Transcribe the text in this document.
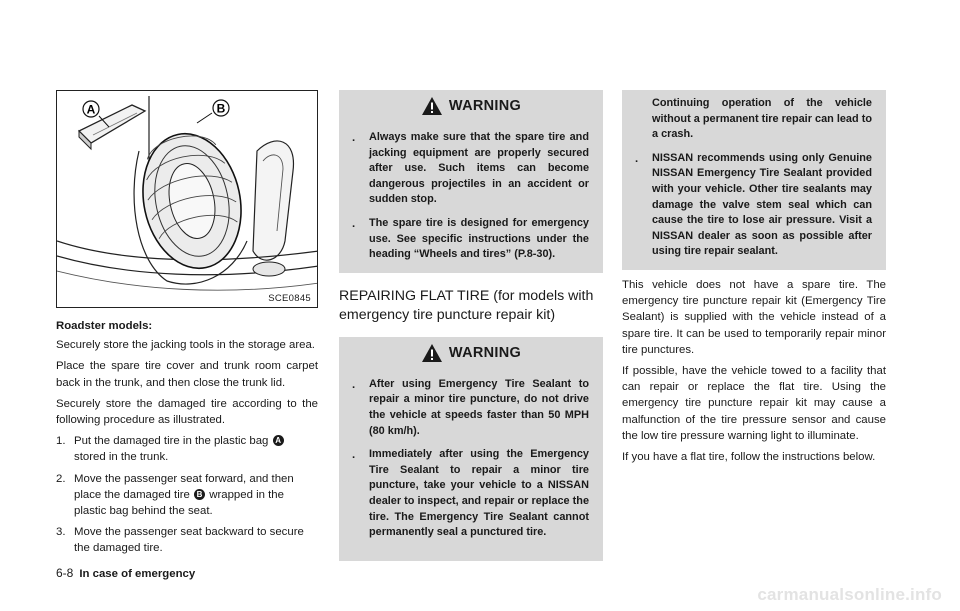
A	B
SCE0845

Roadster models:

Securely store the jacking tools in the storage area.

Place the spare tire cover and trunk room carpet back in the trunk, and then close the trunk lid.

Securely store the damaged tire according to the following procedure as illustrated.

1. Put the damaged tire in the plastic bag A
stored in the trunk.
2. Move the passenger seat forward, and then place the damaged tire B wrapped in the plastic bag behind the seat.
3. Move the passenger seat backward to secure the damaged tire.
WARNING
.	Always make sure that the spare tire and jacking equipment are properly secured after use. Such items can become dangerous projectiles in an accident or sudden stop.
.	The spare tire is designed for emergency use. See specific instructions under the heading “Wheels and tires” (P.8-30).
REPAIRING FLAT TIRE (for models with emergency tire puncture repair kit)
WARNING
.	After using Emergency Tire Sealant to repair a minor tire puncture, do not drive the vehicle at speeds faster than 50 MPH (80 km/h).
.	Immediately after using the Emergency Tire Sealant to repair a minor tire puncture, take your vehicle to a NISSAN dealer to inspect, and repair or replace the tire. The Emergency Tire Sealant cannot permanently seal a punctured tire.
Continuing operation of the vehicle without a permanent tire repair can lead to a crash.
.	NISSAN recommends using only Genuine NISSAN Emergency Tire Sealant provided with your vehicle. Other tire sealants may damage the valve stem seal which can cause the tire to lose air pressure. Visit a NISSAN dealer as soon as possible after using tire repair sealant.

This vehicle does not have a spare tire. The emergency tire puncture repair kit (Emergency Tire Sealant) is supplied with the vehicle instead of a spare tire. It can be used to temporarily repair minor tire punctures.

If possible, have the vehicle towed to a facility that can repair or replace the flat tire. Using the emergency tire puncture repair kit may cause a malfunction of the tire pressure sensor and cause the low tire pressure warning light to illuminate.

If you have a flat tire, follow the instructions below.

6-8 In case of emergency
carmanualsonline.info
